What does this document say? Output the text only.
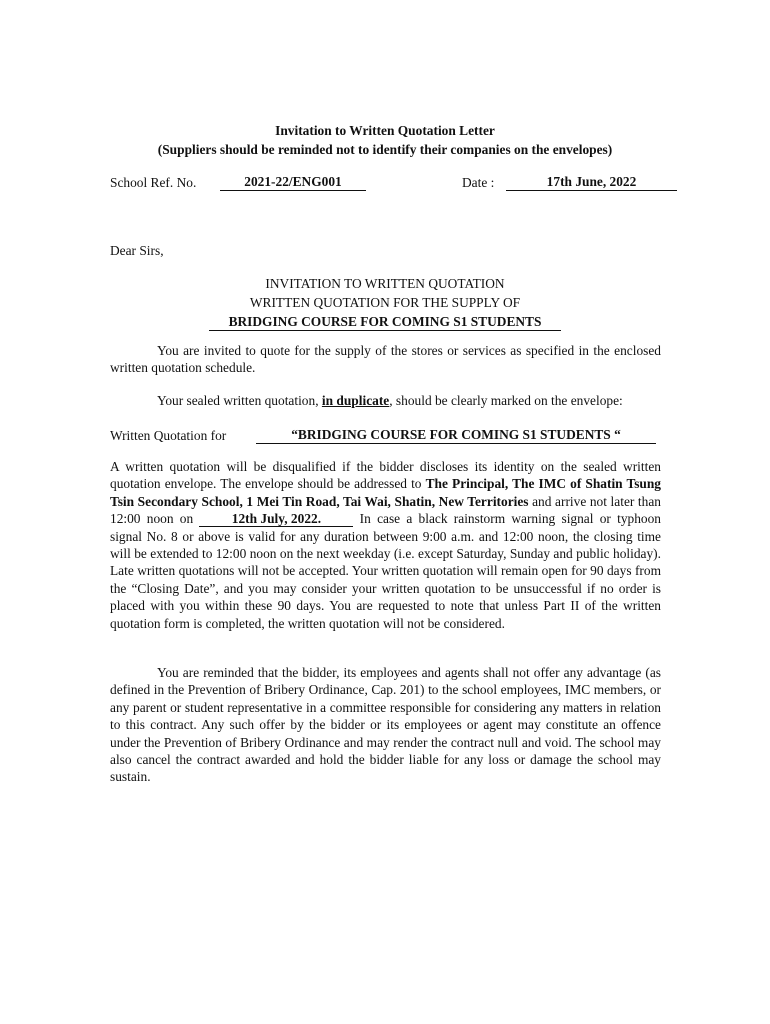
Invitation to Written Quotation Letter
(Suppliers should be reminded not to identify their companies on the envelopes)
School Ref. No.	2021-22/ENG001	Date :	17th June, 2022
Dear Sirs,
INVITATION TO WRITTEN QUOTATION
WRITTEN QUOTATION FOR THE SUPPLY OF
BRIDGING COURSE FOR COMING S1 STUDENTS
You are invited to quote for the supply of the stores or services as specified in the enclosed written quotation schedule.
Your sealed written quotation, in duplicate, should be clearly marked on the envelope:
Written Quotation for	“BRIDGING COURSE FOR COMING S1 STUDENTS “
A written quotation will be disqualified if the bidder discloses its identity on the sealed written quotation envelope. The envelope should be addressed to The Principal, The IMC of Shatin Tsung Tsin Secondary School, 1 Mei Tin Road, Tai Wai, Shatin, New Territories and arrive not later than 12:00 noon on 12th July, 2022. In case a black rainstorm warning signal or typhoon signal No. 8 or above is valid for any duration between 9:00 a.m. and 12:00 noon, the closing time will be extended to 12:00 noon on the next weekday (i.e. except Saturday, Sunday and public holiday). Late written quotations will not be accepted. Your written quotation will remain open for 90 days from the “Closing Date”, and you may consider your written quotation to be unsuccessful if no order is placed with you within these 90 days. You are requested to note that unless Part II of the written quotation form is completed, the written quotation will not be considered.
You are reminded that the bidder, its employees and agents shall not offer any advantage (as defined in the Prevention of Bribery Ordinance, Cap. 201) to the school employees, IMC members, or any parent or student representative in a committee responsible for considering any matters in relation to this contract. Any such offer by the bidder or its employees or agent may constitute an offence under the Prevention of Bribery Ordinance and may render the contract null and void. The school may also cancel the contract awarded and hold the bidder liable for any loss or damage the school may sustain.
